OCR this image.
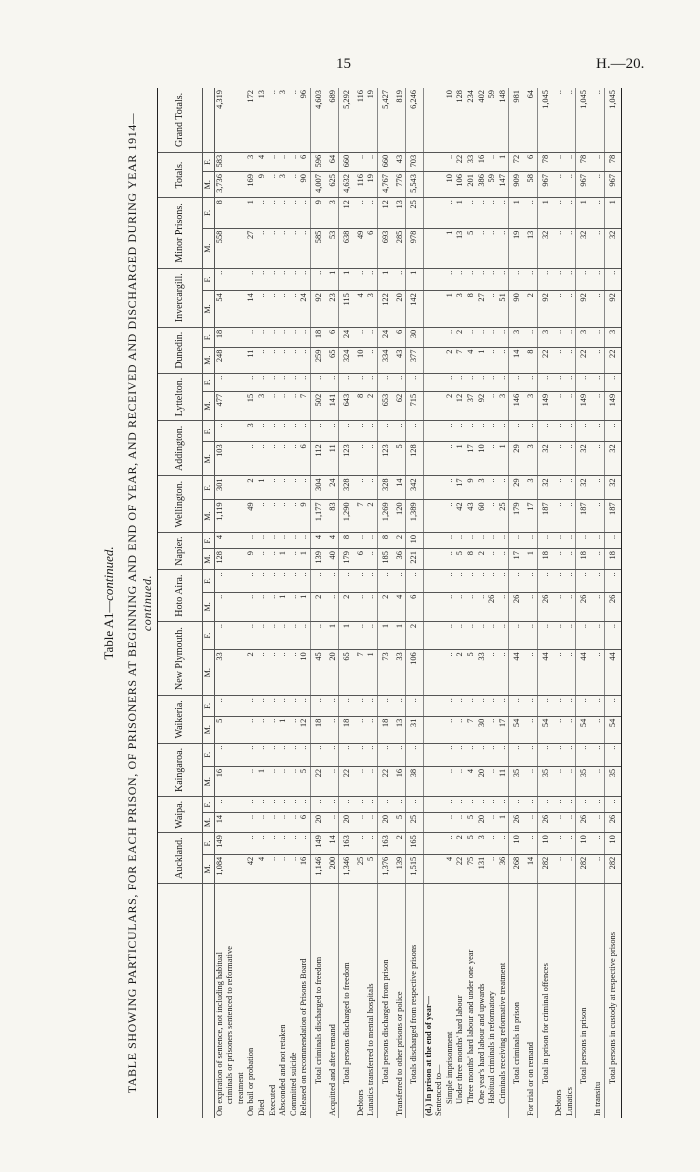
15	H.—20.
Table A1—continued. TABLE SHOWING PARTICULARS, FOR EACH PRISON, OF PRISONERS AT BEGINNING AND END OF YEAR, AND RECEIVED AND DISCHARGED DURING YEAR 1914—continued.
	Auckland.		Waipa.		Kaingaroa.		Waikeria.		New Plymouth.		Hoto Aira.		Napier.		Wellington.		Addington.		Lyttelton.		Dunedin.		Invercargill.		Minor Prisons.		Totals.		Grand Totals.
	M.	F.	M.	F.	M.	F.	M.	F.	M.	F.	M.	F.	M.	F.	M.	F.	M.	F.	M.	F.	M.	F.	M.	F.	M.	F.	M.	F.	
On expiration of sentence, not including habitual	1,084	149	14	..	16	..	5	..	33	..	..	..	128	4	1,119	301	103	..	477	..	248	18	54	..	558	8	3,736	583	4,319
criminals or prisoners sentenced to reformative																													
treatment																													
On bail or probation	42	..	..	..	..	..	..	..	2	..	..	..	9	..	49	2	..	3	15	..	11	..	14	..	27	1	169	3	172
Died	4	..	..	..	1	..	..	..	..	..	..	..	..	..	..	1	..	..	3	..	..	..	..	..	..	..	9	4	13
Executed	..	..	..	..	..	..	..	..	..	..	..	..	..	..	..	..	..	..	..	..	..	..	..	..	..	..	..	..	..
Absconded and not retaken	..	..	..	..	..	..	1	..	..	..	1	..	1	..	..	..	..	..	..	..	..	..	..	..	..	..	3	..	3
Committed suicide	..	..	..	..	..	..	..	..	..	..	..	..	..	..	..	..	..	..	..	..	..	..	..	..	..	..	..	..	..
Released on recommendation of Prisons Board	16	..	6	..	5	..	12	..	10	..	1	..	1	..	9	..	6	..	7	..	..	..	24	..	..	..	90	6	96
Total criminals discharged to freedom	1,146	149	20	..	22	..	18	..	45	..	2	..	139	4	1,177	304	112	..	502	..	259	18	92	..	585	9	4,007	596	4,603
Acquitted and after remand	200	14	..	..	..	..	..	..	20	1	..	..	40	4	83	24	11	..	141	..	65	6	23	1	53	3	625	64	689
Total persons discharged to freedom	1,346	163	20	..	22	..	18	..	65	1	2	..	179	8	1,290	328	123	..	643	..	324	24	115	1	638	12	4,632	660	5,292
Debtors	25	..	..	..	..	..	..	..	7	..	..	..	6	..	7	..	..	..	8	..	10	..	4	..	49	..	116	..	116
Lunatics transferred to mental hospitals	5	..	..	..	..	..	..	..	1	..	..	..	..	..	2	..	..	..	2	..	..	..	3	..	6	..	19	..	19
Total persons discharged from prison	1,376	163	20	..	22	..	18	..	73	1	2	..	185	8	1,269	328	123	..	653	..	334	24	122	1	693	12	4,767	660	5,427
Transferred to other prisons or police	139	2	5	..	16	..	13	..	33	1	4	..	36	2	120	14	5	..	62	..	43	6	20	..	285	13	776	43	819
Totals discharged from respective prisons	1,515	165	25	..	38	..	31	..	106	2	6	..	221	10	1,389	342	128	..	715	..	377	30	142	1	978	25	5,543	703	6,246
(d.) In prison at the end of year—																													
Sentenced to—																													
Simple imprisonment	4	..	..	..	..	..	..	..	..	..	..	..	..	..	..	..	..	..	2	..	2	..	1	..	1	..	10	..	10
Under three months' hard labour	22	2	..	..	..	..	..	..	2	..	..	..	5	..	42	17	1	..	12	..	7	2	3	..	13	1	106	22	128
Three months' hard labour and under one year	75	5	5	..	4	..	7	..	5	..	..	..	8	..	43	9	17	..	37	..	4	..	8	..	5	..	201	33	234
One year's hard labour and upwards	131	3	20	..	20	..	30	..	33	..	..	..	2	..	60	3	10	..	92	..	1	..	27	..	..	..	386	16	402
Habitual criminals in reformatory	..	..	..	..	..	..	..	..	..	..	26	..	..	..	..	..	..	..	..	..	..	..	..	..	..	..	59	..	59
Criminals receiving reformative treatment	36	..	1	..	11	..	17	..	..	..	..	..	..	..	25	..	1	..	3	..	..	..	51	..	..	..	147	1	148
Total criminals in prison	268	10	26	..	35	..	54	..	44	..	26	..	17	..	179	29	29	..	146	..	14	3	90	..	19	1	909	72	981
For trial or on remand	14	..	..	..	..	..	..	..	..	..	..	..	1	..	17	3	3	..	3	..	8	..	2	..	13	..	58	6	64
Total in prison for criminal offences	282	10	26	..	35	..	54	..	44	..	26	..	18	..	187	32	32	..	149	..	22	3	92	..	32	1	967	78	1,045
Debtors	..	..	..	..	..	..	..	..	..	..	..	..	..	..	..	..	..	..	..	..	..	..	..	..	..	..	..	..	..
Lunatics	..	..	..	..	..	..	..	..	..	..	..	..	..	..	..	..	..	..	..	..	..	..	..	..	..	..	..	..	..
Total persons in prison	282	10	26	..	35	..	54	..	44	..	26	..	18	..	187	32	32	..	149	..	22	3	92	..	32	1	967	78	1,045
In transitu	..	..	..	..	..	..	..	..	..	..	..	..	..	..	..	..	..	..	..	..	..	..	..	..	..	..	..	..	..
Total persons in custody at respective prisons	282	10	26	..	35	..	54	..	44	..	26	..	18	..	187	32	32	..	149	..	22	3	92	..	32	1	967	78	1,045
